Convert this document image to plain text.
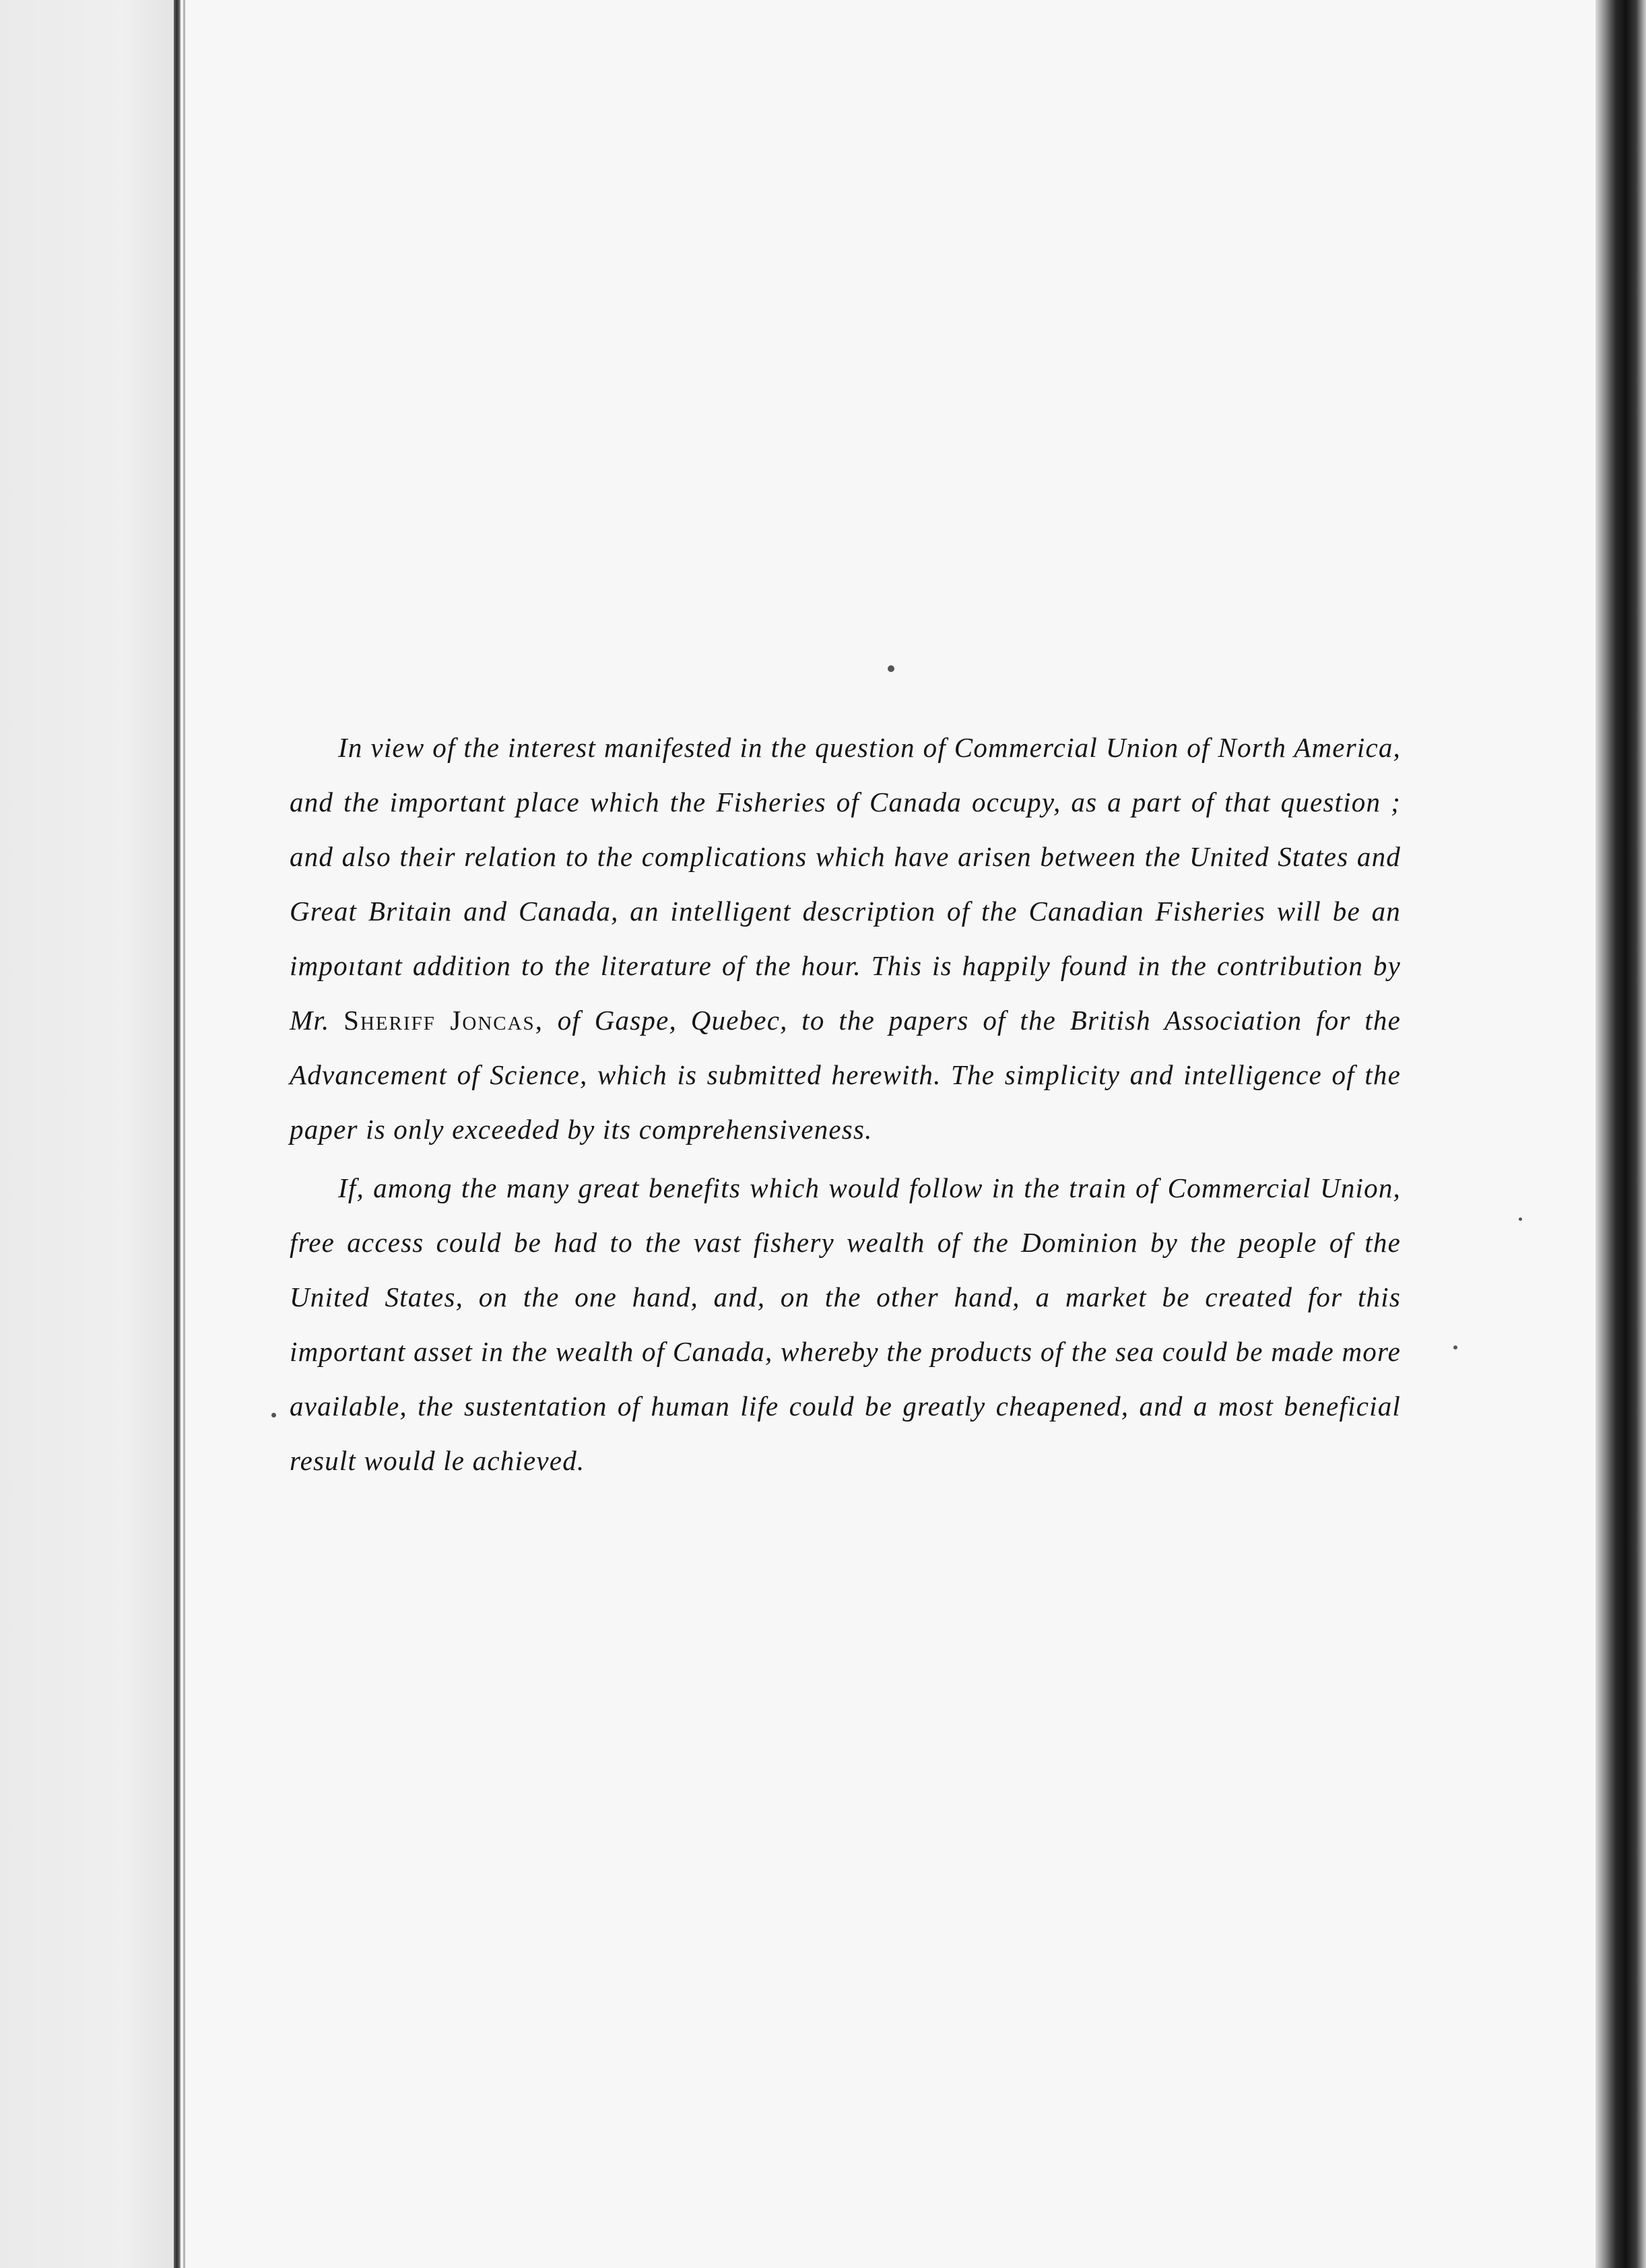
In view of the interest manifested in the question of Commercial Union of North America, and the important place which the Fisheries of Canada occupy, as a part of that question ; and also their relation to the complications which have arisen between the United States and Great Britain and Canada, an intelligent description of the Canadian Fisheries will be an impoıtant addition to the literature of the hour. This is happily found in the contribution by Mr. Sheriff Joncas, of Gaspe, Quebec, to the papers of the British Association for the Advancement of Science, which is submitted herewith. The simplicity and intelligence of the paper is only exceeded by its comprehensiveness.

If, among the many great benefits which would follow in the train of Commercial Union, free access could be had to the vast fishery wealth of the Dominion by the people of the United States, on the one hand, and, on the other hand, a market be created for this important asset in the wealth of Canada, whereby the products of the sea could be made more available, the sustentation of human life could be greatly cheapened, and a most beneficial result would le achieved.
